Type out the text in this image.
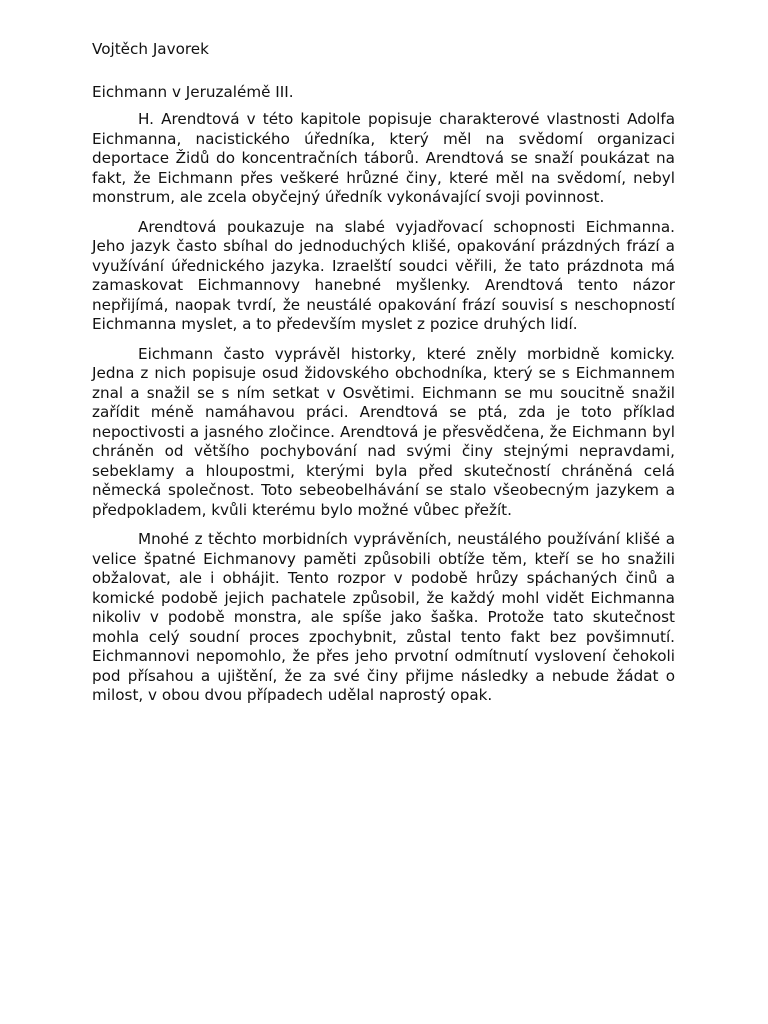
Vojtěch Javorek

Eichmann v Jeruzalémě III.

H. Arendtová v této kapitole popisuje charakterové vlastnosti Adolfa Eichmanna, nacistického úředníka, který měl na svědomí organizaci deportace Židů do koncentračních táborů. Arendtová se snaží poukázat na fakt, že Eichmann přes veškeré hrůzné činy, které měl na svědomí, nebyl monstrum, ale zcela obyčejný úředník vykonávající svoji povinnost.

Arendtová poukazuje na slabé vyjadřovací schopnosti Eichmanna. Jeho jazyk často sbíhal do jednoduchých klišé, opakování prázdných frází a využívání úřednického jazyka. Izraelští soudci věřili, že tato prázdnota má zamaskovat Eichmannovy hanebné myšlenky. Arendtová tento názor nepřijímá, naopak tvrdí, že neustálé opakování frází souvisí s neschopností Eichmanna myslet, a to především myslet z pozice druhých lidí.

Eichmann často vyprávěl historky, které zněly morbidně komicky. Jedna z nich popisuje osud židovského obchodníka, který se s Eichmannem znal a snažil se s ním setkat v Osvětimi. Eichmann se mu soucitně snažil zařídit méně namáhavou práci. Arendtová se ptá, zda je toto příklad nepoctivosti a jasného zločince. Arendtová je přesvědčena, že Eichmann byl chráněn od většího pochybování nad svými činy stejnými nepravdami, sebeklamy a hloupostmi, kterými byla před skutečností chráněná celá německá společnost. Toto sebeobelhávání se stalo všeobecným jazykem a předpokladem, kvůli kterému bylo možné vůbec přežít.

Mnohé z těchto morbidních vyprávěních, neustálého používání klišé a velice špatné Eichmanovy paměti způsobili obtíže těm, kteří se ho snažili obžalovat, ale i obhájit. Tento rozpor v podobě hrůzy spáchaných činů a komické podobě jejich pachatele způsobil, že každý mohl vidět Eichmanna nikoliv v podobě monstra, ale spíše jako šaška. Protože tato skutečnost mohla celý soudní proces zpochybnit, zůstal tento fakt bez povšimnutí. Eichmannovi nepomohlo, že přes jeho prvotní odmítnutí vyslovení čehokoli pod přísahou a ujištění, že za své činy přijme následky a nebude žádat o milost, v obou dvou případech udělal naprostý opak.
